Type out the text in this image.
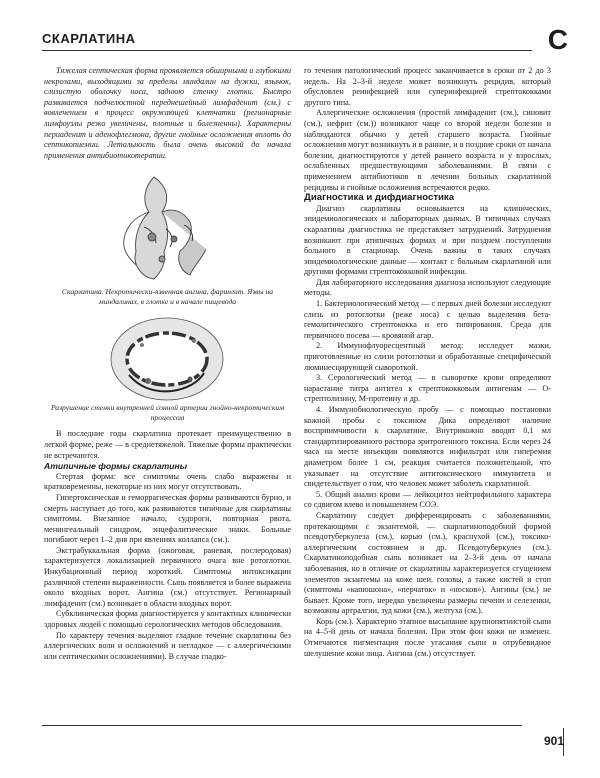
СКАРЛАТИНА	С

Тяжелая септическая форма проявляется обширными и глубокими некрозами, выходящими за пределы миндалин на дужки, язычок, слизистую оболочку носа, заднюю стенку глотки. Быстро развивается подчелюстной переднешейный лимфаденит (см.) с вовлечением в процесс окружающей клетчатки (регионарные лимфоузлы резко увеличены, плотные и болезненны). Характерны периаденит и аденофлегмона, другие гнойные осложнения вплоть до септикопиемии. Летальность была очень высокой до начала применения антибиотикотерапии.

Скарлатина. Некротически-язвенная ангина, фарингит. Язвы на миндалинах, в глотке и в начале пищевода
Разрушение стенки внутренней сонной артерии гнойно-некротическим процессом

В последние годы скарлатина протекает преимущественно в легкой форме, реже — в среднетяжелой. Тяжелые формы практически не встречаются.

Атипичные формы скарлатины

Стертая форма: все симптомы очень слабо выражены и кратковременны, некоторые из них могут отсутствовать.

Гипертоксическая и геморрагическая формы развиваются бурно, и смерть наступает до того, как развиваются типичные для скарлатины симптомы. Внезапное начало, судороги, повторная рвота, менингеальный синдром, энцефалитические знаки. Больные погибают через 1–2 дня при явлениях коллапса (см.).

Экстрабуккальная форма (ожоговая, раневая, послеродовая) характеризуется локализацией первичного очага вне ротоглотки. Инкубационный период короткий. Симптомы интоксикации различной степени выраженности. Сыпь появляется и более выражена около входных ворот. Ангина (см.) отсутствует. Регионарный лимфаденит (см.) возникает в области входных ворот.

Субклиническая форма диагностируется у контактных клинически здоровых людей с помощью серологических методов обследования.

По характеру течения выделяют гладкое течение скарлатины без аллергических волн и осложнений и негладкое — с аллергическими или септическими осложнениями). В случае гладко-

го течения патологический процесс заканчивается в сроки от 2 до 3 недель. На 2–3-й неделе может возникнуть рецидив, который обусловлен реинфекцией или суперинфекцией стрептококками другого типа.

Аллергические осложнения (простой лимфаденит (см.), синовит (см.), нефрит (см.)) возникают чаще со второй недели болезни и наблюдаются обычно у детей старшего возраста. Гнойные осложнения могут возникнуть и в ранние, и в поздние сроки от начала болезни, диагностируются у детей раннего возраста и у взрослых, ослабленных предшествующими заболеваниями. В связи с применением антибиотиков в лечении больных скарлатиной рецидивы и гнойные осложнения встречаются редко.

Диагностика и дифдиагностика

Диагноз скарлатины основывается на клинических, эпидемиологических и лабораторных данных. В типичных случаях скарлатины диагностика не представляет затруднений. Затруднения возникают при атипичных формах и при позднем поступлении больного в стационар. Очень важны в таких случаях эпидемиологические данные — контакт с больным скарлатиной или другими формами стрептококковой инфекции.

Для лабораторного исследования диагноза используют следующие методы.

1. Бактериологический метод — с первых дней болезни исследуют слизь из ротоглотки (реже носа) с целью выделения бета-гемолитического стрептококка и его типирования. Среда для первичного посева — кровяной агар.

2. Иммунофлуоресцентный метод: исследует мазки, приготовленные из слизи ротоглотки и обработанные специфической люминесцирующей сывороткой.

3. Серологический метод — в сыворотке крови определяют нарастание титра антител к стрептококковым антигенам — О-стрептолизину, М-протеину и др.

4. Иммунобиологическую пробу — с помощью постановки кожной пробы с токсином Дика определяют наличие восприимчивости к скарлатине. Внутрикожно вводят 0,1 мл стандартизированного раствора эритрогенного токсина. Если через 24 часа на месте инъекции появляются инфильтрат или гиперемия диаметром более 1 см, реакция считается положительной, что указывает на отсутствие антитоксического иммунитета и свидетельствует о том, что человек может заболеть скарлатиной.

5. Общий анализ крови — лейкоцитоз нейтрофильного характера со сдвигом влево и повышением СОЭ.

Скарлатину следует дифференцировать с заболеваниями, протекающими с экзантемой, — скарлатиноподобной формой псевдотуберкулеза (см.), корью (см.), краснухой (см.), токсико-аллергическим состоянием и др. Псевдотуберкулез (см.). Скарлатиноподобная сыпь возникает на 2–3-й день от начала заболевания, но в отличие от скарлатины характеризуется сгущением элементов экзантемы на коже шеи, головы, а также кистей и стоп (симптомы «капюшона», «перчаток» и «носков»). Ангины (см.) не бывает. Кроме того, нередко увеличены размеры печени и селезенки, возможны артралгии, зуд кожи (см.), желтуха (см.).

Корь (см.). Характерно этапное высыпание крупнопятнистой сыпи на 4–5-й день от начала болезни. При этом фон кожи не изменен. Отмечаются пигментация после угасания сыпи и отрубевидное шелушение кожи лица. Ангина (см.) отсутствует.

901
